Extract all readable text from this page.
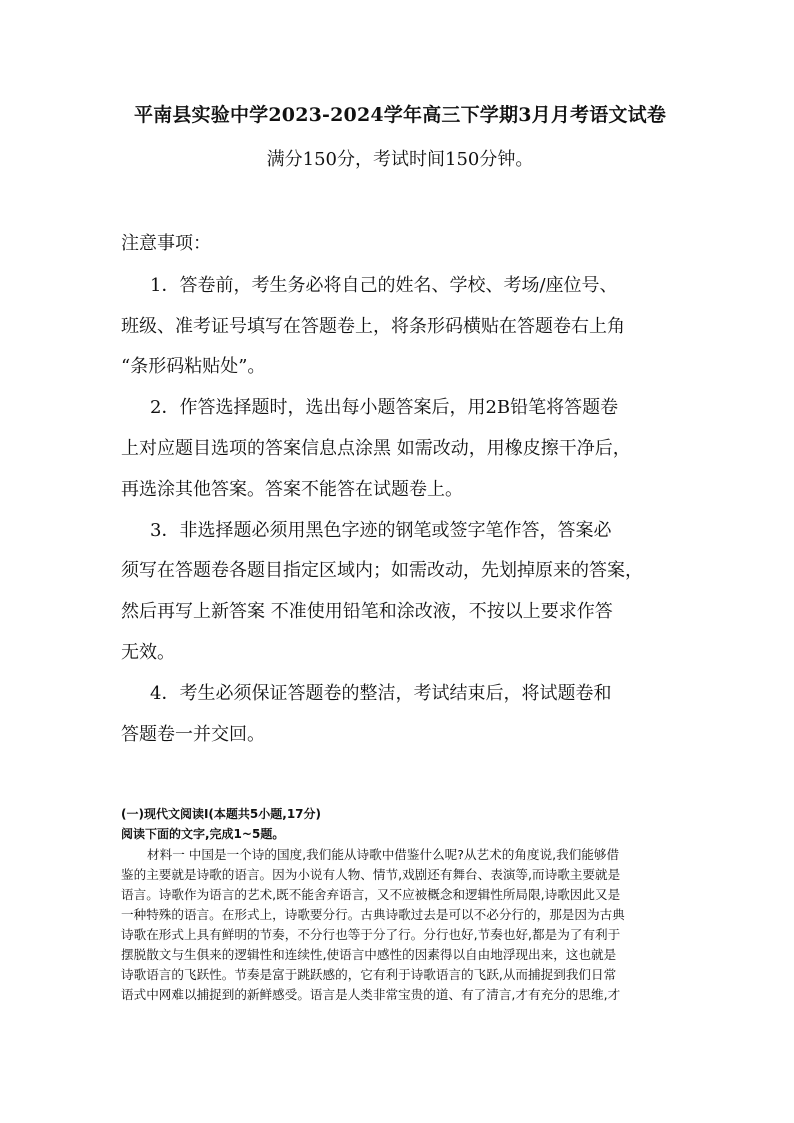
平南县实验中学2023-2024学年高三下学期3月月考语文试卷
满分150分，考试时间150分钟。
注意事项：
1．答卷前，考生务必将自己的姓名、学校、考场/座位号、
班级、准考证号填写在答题卷上，将条形码横贴在答题卷右上角
“条形码粘贴处”。
2．作答选择题时，选出每小题答案后，用2B铅笔将答题卷
上对应题目选项的答案信息点涂黑 如需改动，用橡皮擦干净后，
再选涂其他答案。答案不能答在试题卷上。
3．非选择题必须用黑色字迹的钢笔或签字笔作答，答案必
须写在答题卷各题目指定区域内；如需改动，先划掉原来的答案，
然后再写上新答案 不准使用铅笔和涂改液，不按以上要求作答
无效。
4．考生必须保证答题卷的整洁，考试结束后，将试题卷和
答题卷一并交回。
(一)现代文阅读Ⅰ(本题共5小题,17分)
阅读下面的文字,完成1~5题。
材料一 中国是一个诗的国度,我们能从诗歌中借鉴什么呢?从艺术的角度说,我们能够借
鉴的主要就是诗歌的语言。因为小说有人物、情节,戏剧还有舞台、表演等,而诗歌主要就是
语言。诗歌作为语言的艺术,既不能舍弃语言，又不应被概念和逻辑性所局限,诗歌因此又是
一种特殊的语言。在形式上，诗歌要分行。古典诗歌过去是可以不必分行的，那是因为古典
诗歌在形式上具有鲜明的节奏，不分行也等于分了行。分行也好,节奏也好,都是为了有利于
摆脱散文与生俱来的逻辑性和连续性,使语言中感性的因素得以自由地浮现出来，这也就是
诗歌语言的飞跃性。节奏是富于跳跃感的，它有利于诗歌语言的飞跃,从而捕捉到我们日常
语式中网难以捕捉到的新鲜感受。语言是人类非常宝贵的道、有了清言,才有充分的思维,才
